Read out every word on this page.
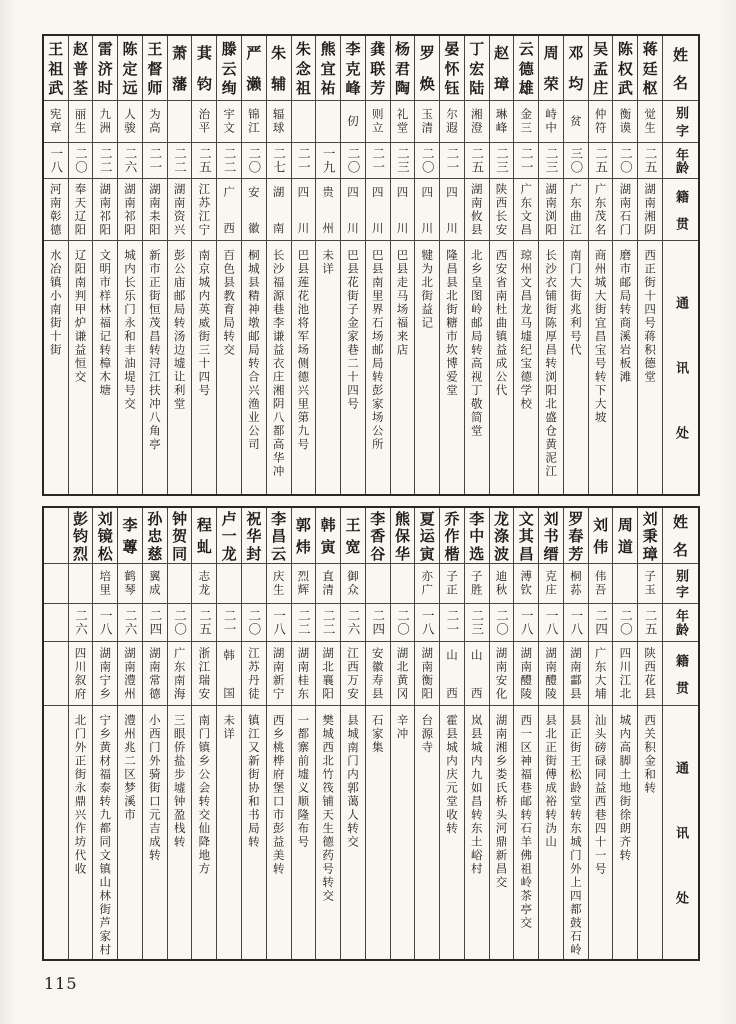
姓
名
别
字
年
龄
籍
贯
通
讯
处
蒋
廷
枢
觉生
二五
湖南湘阴
西正街十四号蒋积德堂
陈
权
武
衡谟
二〇
湖南石门
磨市邮局转商溪岩板滩
吴
孟
庄
仲符
二五
广东茂名
商州城大街宜昌宝号转下大坡
邓
均
贫
三〇
广东曲江
南门大街兆利号代
周
荣
峙中
二三
湖南浏阳
长沙衣铺街陈厚昌转浏阳北盛仓黄泥江
云
德
雄
金三
二一
广东文昌
琼州文昌龙马墟纪宝德学校
赵
璋
琳峰
二三
陕西长安
西安省南杜曲镇益成公代
丁
宏
陆
湘澄
二五
湖南攸县
北乡皇图岭邮局转高视丁敬简堂
晏
怀
钰
尔遐
二一
四
川
隆昌县北街糖市坎博爱堂
罗
焕
玉清
二〇
四
川
犍为北街益记
杨
君
陶
礼堂
二三
四
川
巴县走马场福来店
龚
联
芳
则立
二一
四
川
巴县南里界石场邮局转彭家场公所
李
克
峰
仞
二〇
四
川
巴县花街子金家巷二十四号
熊
宜
祐
一九
贵
州
未详
朱
念
祖
二一
四
川
巴县莲花池将军场侧德兴里第九号
朱
辅
辐球
二七
湖
南
长沙福源巷李谦益衣庄湘阴八都高华冲
严
濑
锦江
二〇
安
徽
桐城县精神墩邮局转合兴渔业公司
滕
云
绚
宇文
二二
广
西
百色县教育局转交
萁
钧
治平
二五
江苏江宁
南京城内英威街三十四号
萧
藩
二二
湖南资兴
彭公庙邮局转汤边墟让利堂
王
督
师
为高
二一
湖南耒阳
新市正街恒茂昌转浔江扶冲八角亭
陈
定
远
人骏
二六
湖南祁阳
城内长乐门永和丰油堤号交
雷
济
时
九洲
二二
湖南祁阳
文明市样林福记转樟木塘
赵
普
荃
丽生
二〇
奉天辽阳
辽阳南判甲炉谦益恒交
王
祖
武
宪章
一八
河南彰德
水冶镇小南街十街
姓
名
别
字
年
龄
籍
贯
通
讯
处
刘
秉
璋
子玉
二五
陕西花县
西关积金和转
周
道
二〇
四川江北
城内高脚土地街徐朗齐转
刘
伟
伟吾
二四
广东大埔
汕头磅碌同益西巷四十一号
罗
春
芳
桐荪
一八
湖南酃县
县正街王松龄堂转东城门外上四都鼓石岭
刘
书
缙
克庄
一八
湖南醴陵
县北正街傅成裕转沩山
文
其
昌
溥钦
一八
湖南醴陵
西一区神福巷邮转石羊佛祖岭茶亭交
龙
涤
波
迪秋
二〇
湖南安化
湖南湘乡娄氏桥头河鼎新昌交
李
中
选
子胜
二三
山
西
岚县城内九如昌转东土峪村
乔
作
楷
子正
二一
山
西
霍县城内庆元堂收转
夏
运
寅
亦广
一八
湖南衡阳
台源寺
熊
保
华
二〇
湖北黄冈
辛冲
李
香
谷
二四
安徽寿县
石家集
王
宽
御众
二六
江西万安
县城南门内郭蔼人转交
韩
寅
直清
二二
湖北襄阳
樊城西北竹筏铺天生德药号转交
郭
炜
烈辉
二二
湖南桂东
一都寨前墟义顺隆布号
李
昌
云
庆生
一八
湖南新宁
西乡桃桦府堡口市彭益美转
祝
华
封
二〇
江苏丹徒
镇江又新街协和书局转
卢
一
龙
二一
韩
国
未详
程
虬
志龙
二五
浙江瑞安
南门镇乡公会转交仙降地方
钟
贺
同
二〇
广东南海
三眼侨盐步墟钟盈栈转
孙
忠
慈
翼成
二四
湖南常德
小西门外骑街口元吉成转
李
蓴
鹤琴
二六
湖南澧州
澧州兆二区梦溪市
刘
镜
松
培里
一八
湖南宁乡
宁乡黄材福泰转九都同文镇山林街芦家村
彭
钧
烈
二六
四川叙府
北门外正街永鼎兴作坊代收
115
